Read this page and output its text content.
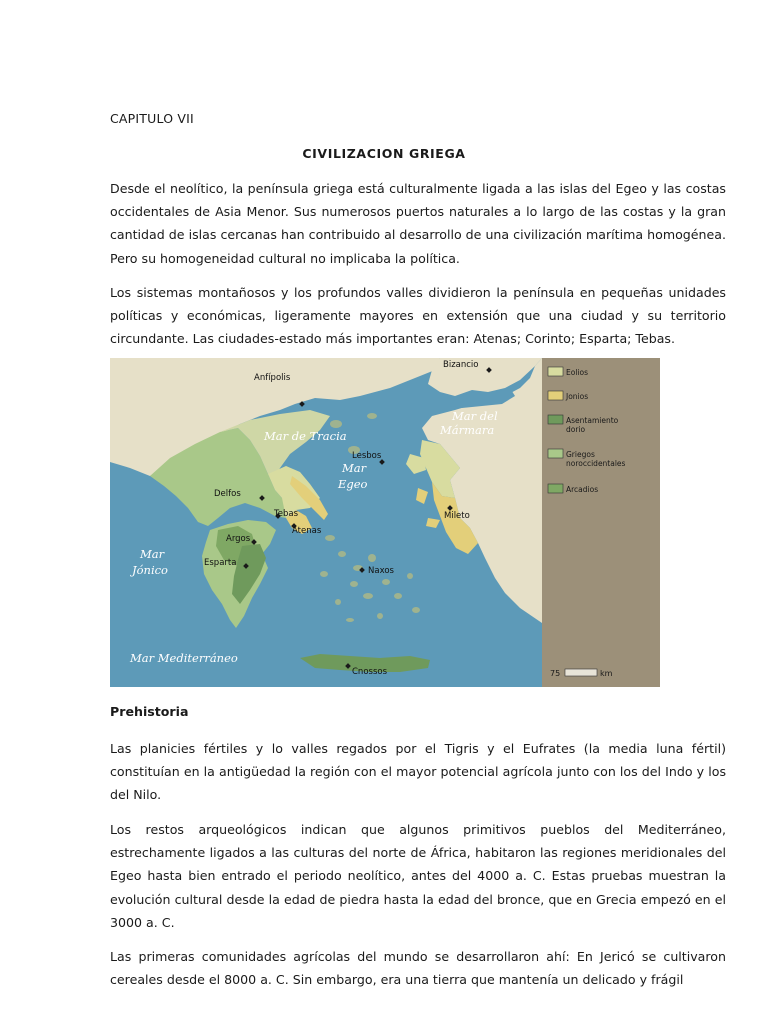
CAPITULO VII
CIVILIZACION GRIEGA

Desde el neolítico, la península griega está culturalmente ligada a las islas del Egeo y las costas occidentales de Asia Menor. Sus numerosos puertos naturales a lo largo de las costas y la gran cantidad de islas cercanas han contribuido al desarrollo de una civilización marítima homogénea. Pero su homogeneidad cultural no implicaba la política.

Los sistemas montañosos y los profundos valles dividieron la península en pequeñas unidades políticas y económicas, ligeramente mayores en extensión que una ciudad y su territorio circundante. Las ciudades-estado más importantes eran: Atenas; Corinto; Esparta; Tebas.

Mar de Tracia
Mar
Egeo
Mar del
Mármara
Mar
Jónico
Mar Mediterráneo
Bizancio
Anfípolis
Lesbos
Delfos
Tebas
Atenas
Argos
Esparta
Mileto
Naxos
Cnossos
Eolios
Jonios
Asentamiento
dorio
Griegos
noroccidentales
Arcadios
75	km
Prehistoria

Las planicies fértiles y lo valles regados por el Tigris y el Eufrates (la media luna fértil) constituían en la antigüedad la región con el mayor potencial agrícola junto con los del Indo y los del Nilo.

Los restos arqueológicos indican que algunos primitivos pueblos del Mediterráneo, estrechamente ligados a las culturas del norte de África, habitaron las regiones meridionales del Egeo hasta bien entrado el periodo neolítico, antes del 4000 a. C. Estas pruebas muestran la evolución cultural desde la edad de piedra hasta la edad del bronce, que en Grecia empezó en el 3000 a. C.

Las primeras comunidades agrícolas del mundo se desarrollaron ahí: En Jericó se cultivaron cereales desde el 8000 a. C. Sin embargo, era una tierra que mantenía un delicado y frágil
